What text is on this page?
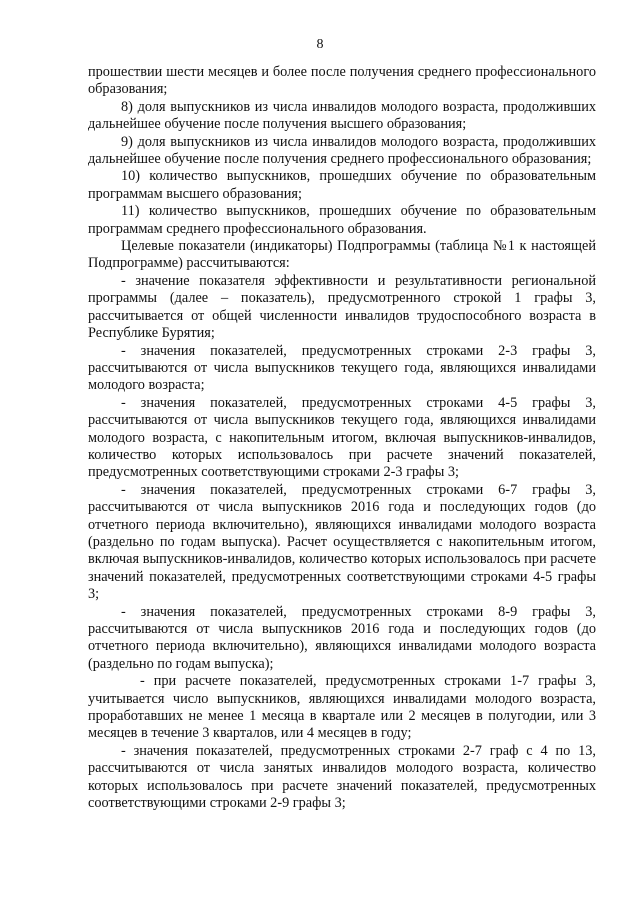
8

прошествии шести месяцев и более после получения среднего профессионального образования;

8) доля выпускников из числа инвалидов молодого возраста, продолживших дальнейшее обучение после получения высшего образования;

9) доля выпускников из числа инвалидов молодого возраста, продолживших дальнейшее обучение после получения среднего профессионального образования;

10) количество выпускников, прошедших обучение по образовательным программам высшего образования;

11) количество выпускников, прошедших обучение по образовательным программам среднего профессионального образования.

Целевые показатели (индикаторы) Подпрограммы (таблица №1 к настоящей Подпрограмме) рассчитываются:

- значение показателя эффективности и результативности региональной программы (далее – показатель), предусмотренного строкой 1 графы 3, рассчитывается от общей численности инвалидов трудоспособного возраста в Республике Бурятия;

- значения показателей, предусмотренных строками 2-3 графы 3, рассчитываются от числа выпускников текущего года, являющихся инвалидами молодого возраста;

- значения показателей, предусмотренных строками 4-5 графы 3, рассчитываются от числа выпускников текущего года, являющихся инвалидами молодого возраста, с накопительным итогом, включая выпускников-инвалидов, количество которых использовалось при расчете значений показателей, предусмотренных соответствующими строками 2-3 графы 3;

- значения показателей, предусмотренных строками 6-7 графы 3, рассчитываются от числа выпускников 2016 года и последующих годов (до отчетного периода включительно), являющихся инвалидами молодого возраста (раздельно по годам выпуска). Расчет осуществляется с накопительным итогом, включая выпускников-инвалидов, количество которых использовалось при расчете значений показателей, предусмотренных соответствующими строками 4-5 графы 3;

- значения показателей, предусмотренных строками 8-9 графы 3, рассчитываются от числа выпускников 2016 года и последующих годов (до отчетного периода включительно), являющихся инвалидами молодого возраста (раздельно по годам выпуска);

- при расчете показателей, предусмотренных строками 1-7 графы 3, учитывается число выпускников, являющихся инвалидами молодого возраста, проработавших не менее 1 месяца в квартале или 2 месяцев в полугодии, или 3 месяцев в течение 3 кварталов, или 4 месяцев в году;

- значения показателей, предусмотренных строками 2-7 граф с 4 по 13, рассчитываются от числа занятых инвалидов молодого возраста, количество которых использовалось при расчете значений показателей, предусмотренных соответствующими строками 2-9 графы 3;
